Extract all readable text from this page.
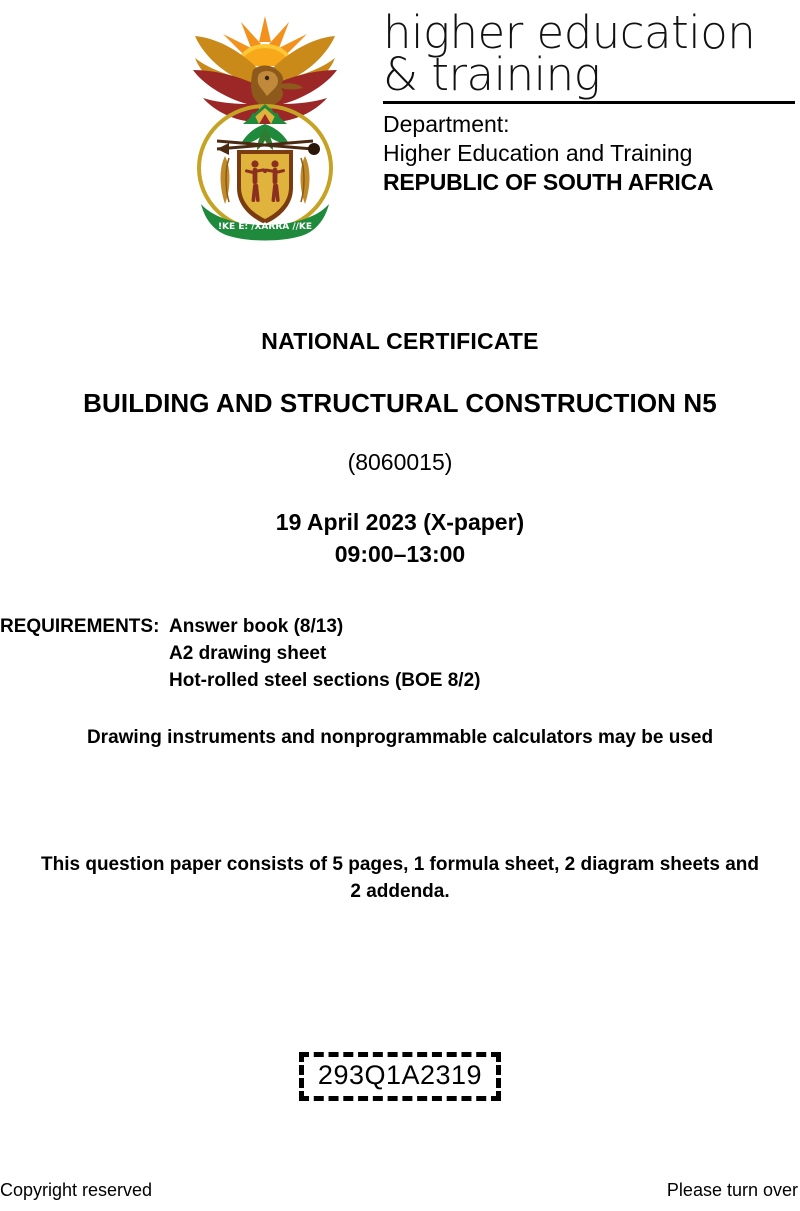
!KE E: /XARRA //KE
higher education
& training
Department:
Higher Education and Training
REPUBLIC OF SOUTH AFRICA

NATIONAL CERTIFICATE

BUILDING AND STRUCTURAL CONSTRUCTION N5

(8060015)

19 April 2023 (X-paper)
09:00–13:00

REQUIREMENTS: Answer book (8/13)
A2 drawing sheet
Hot-rolled steel sections (BOE 8/2)
Drawing instruments and nonprogrammable calculators may be used
This question paper consists of 5 pages, 1 formula sheet, 2 diagram sheets and
2 addenda.
293Q1A2319
Copyright reserved	Please turn over
